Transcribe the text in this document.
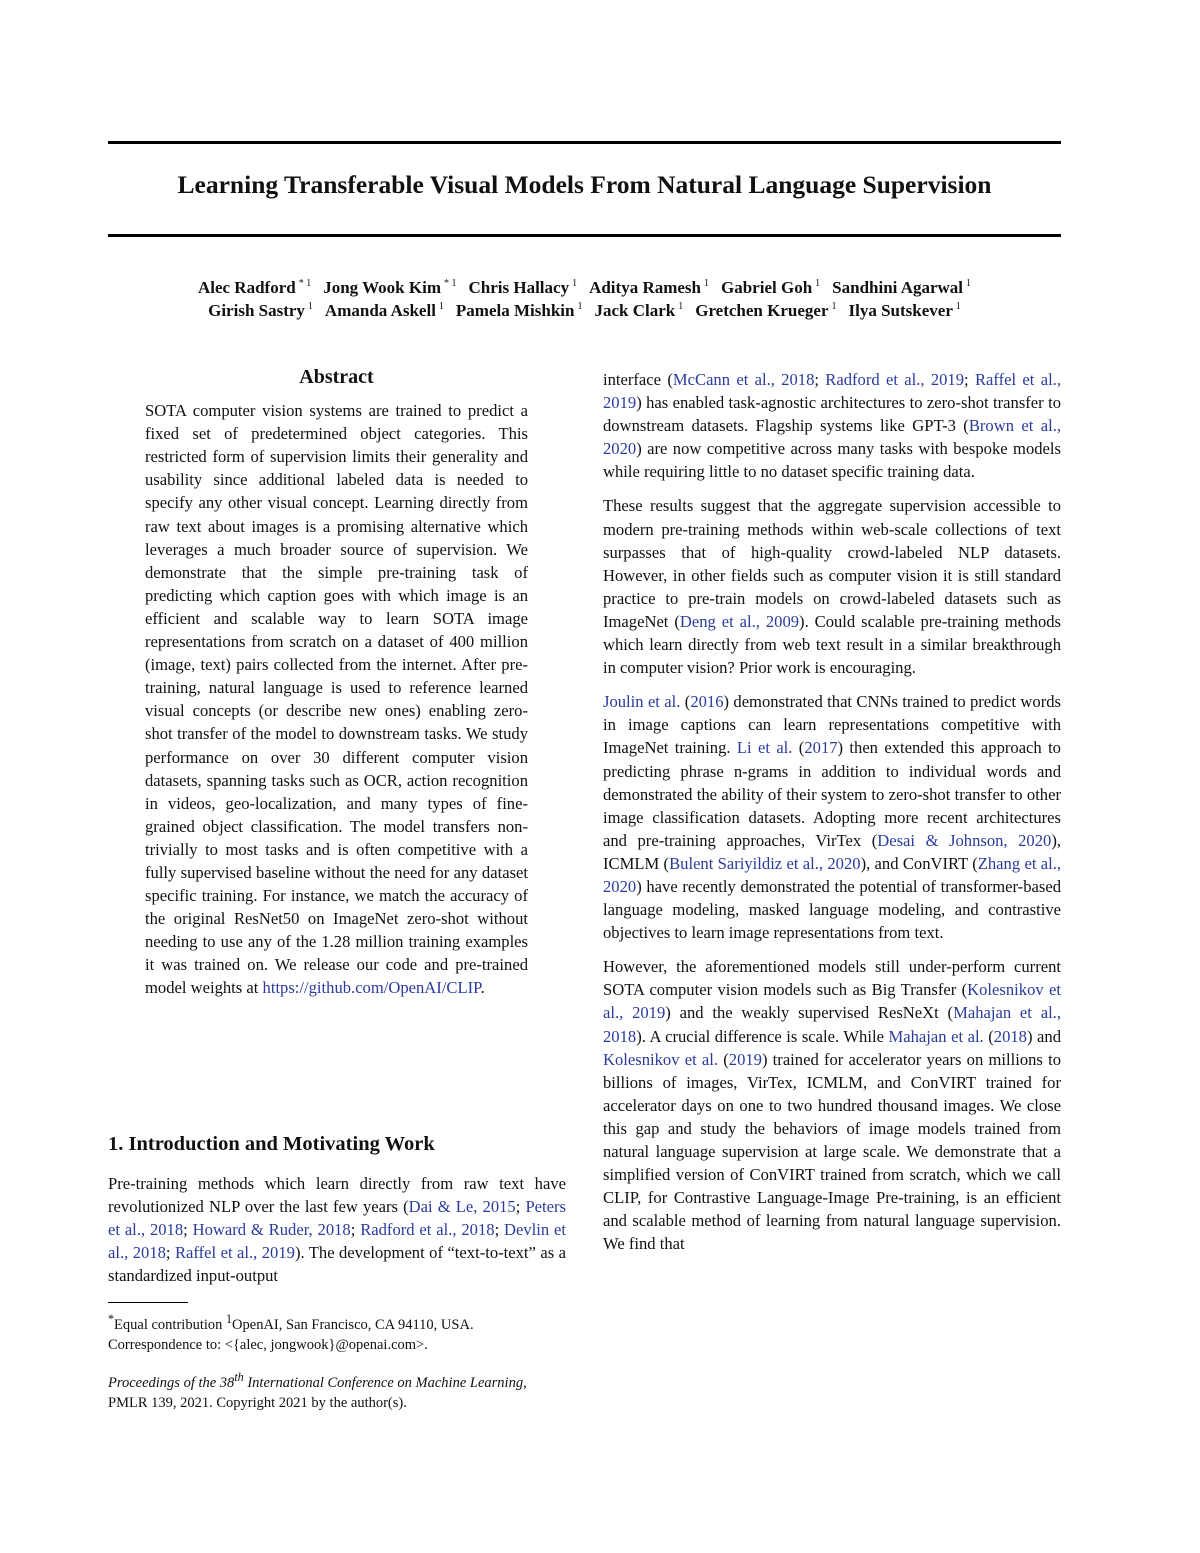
Learning Transferable Visual Models From Natural Language Supervision
Alec Radford $^{* 1}$ Jong Wook Kim $^{* 1}$ Chris Hallacy $^1$ Aditya Ramesh $^1$ Gabriel Goh $^1$ Sandhini Agarwal $^1$
Girish Sastry $^1$ Amanda Askell $^1$ Pamela Mishkin $^1$ Jack Clark $^1$ Gretchen Krueger $^1$ Ilya Sutskever $^1$
Abstract

SOTA computer vision systems are trained to predict a fixed set of predetermined object categories. This restricted form of supervision limits their generality and usability since additional labeled data is needed to specify any other visual concept. Learning directly from raw text about images is a promising alternative which leverages a much broader source of supervision. We demonstrate that the simple pre-training task of predicting which caption goes with which image is an efficient and scalable way to learn SOTA image representations from scratch on a dataset of 400 million (image, text) pairs collected from the internet. After pre-training, natural language is used to reference learned visual concepts (or describe new ones) enabling zero-shot transfer of the model to downstream tasks. We study performance on over 30 different computer vision datasets, spanning tasks such as OCR, action recognition in videos, geo-localization, and many types of fine-grained object classification. The model transfers non-trivially to most tasks and is often competitive with a fully supervised baseline without the need for any dataset specific training. For instance, we match the accuracy of the original ResNet50 on ImageNet zero-shot without needing to use any of the 1.28 million training examples it was trained on. We release our code and pre-trained model weights at https://github.com/OpenAI/CLIP.

1. Introduction and Motivating Work

Pre-training methods which learn directly from raw text have revolutionized NLP over the last few years (Dai & Le, 2015; Peters et al., 2018; Howard & Ruder, 2018; Radford et al., 2018; Devlin et al., 2018; Raffel et al., 2019). The development of “text-to-text” as a standardized input-output

*Equal contribution $^1$OpenAI, San Francisco, CA 94110, USA. Correspondence to: <{alec, jongwook}@openai.com>.

Proceedings of the 38th International Conference on Machine Learning, PMLR 139, 2021. Copyright 2021 by the author(s).

interface (McCann et al., 2018; Radford et al., 2019; Raffel et al., 2019) has enabled task-agnostic architectures to zero-shot transfer to downstream datasets. Flagship systems like GPT-3 (Brown et al., 2020) are now competitive across many tasks with bespoke models while requiring little to no dataset specific training data.

These results suggest that the aggregate supervision accessible to modern pre-training methods within web-scale collections of text surpasses that of high-quality crowd-labeled NLP datasets. However, in other fields such as computer vision it is still standard practice to pre-train models on crowd-labeled datasets such as ImageNet (Deng et al., 2009). Could scalable pre-training methods which learn directly from web text result in a similar breakthrough in computer vision? Prior work is encouraging.

Joulin et al. (2016) demonstrated that CNNs trained to predict words in image captions can learn representations competitive with ImageNet training. Li et al. (2017) then extended this approach to predicting phrase n-grams in addition to individual words and demonstrated the ability of their system to zero-shot transfer to other image classification datasets. Adopting more recent architectures and pre-training approaches, VirTex (Desai & Johnson, 2020), ICMLM (Bulent Sariyildiz et al., 2020), and ConVIRT (Zhang et al., 2020) have recently demonstrated the potential of transformer-based language modeling, masked language modeling, and contrastive objectives to learn image representations from text.

However, the aforementioned models still under-perform current SOTA computer vision models such as Big Transfer (Kolesnikov et al., 2019) and the weakly supervised ResNeXt (Mahajan et al., 2018). A crucial difference is scale. While Mahajan et al. (2018) and Kolesnikov et al. (2019) trained for accelerator years on millions to billions of images, VirTex, ICMLM, and ConVIRT trained for accelerator days on one to two hundred thousand images. We close this gap and study the behaviors of image models trained from natural language supervision at large scale. We demonstrate that a simplified version of ConVIRT trained from scratch, which we call CLIP, for Contrastive Language-Image Pre-training, is an efficient and scalable method of learning from natural language supervision. We find that
